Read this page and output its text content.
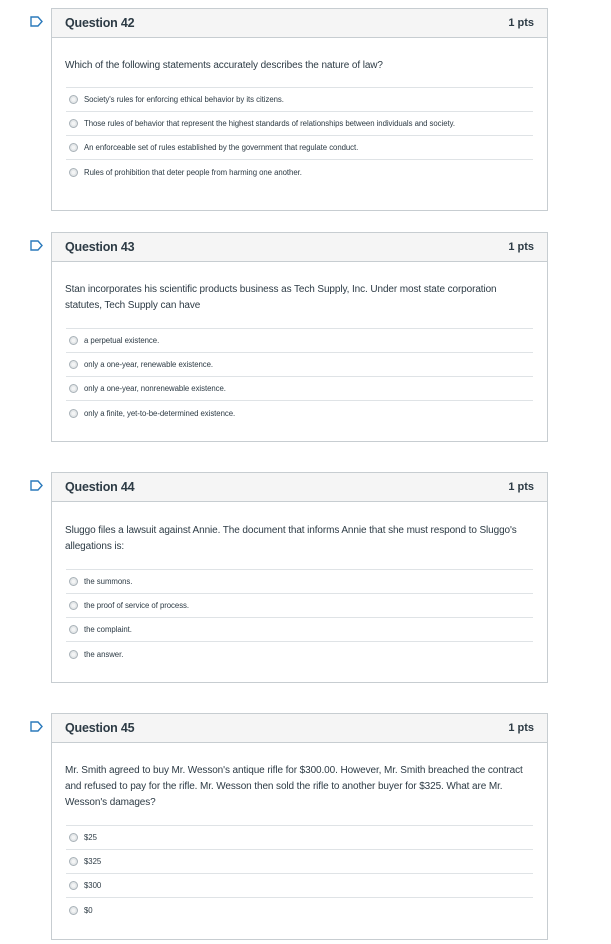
Question 42	1 pts
Which of the following statements accurately describes the nature of law?
Society's rules for enforcing ethical behavior by its citizens.
Those rules of behavior that represent the highest standards of relationships between individuals and society.
An enforceable set of rules established by the government that regulate conduct.
Rules of prohibition that deter people from harming one another.
Question 43	1 pts
Stan incorporates his scientific products business as Tech Supply, Inc. Under most state corporation statutes, Tech Supply can have
a perpetual existence.
only a one-year, renewable existence.
only a one-year, nonrenewable existence.
only a finite, yet-to-be-determined existence.
Question 44	1 pts
Sluggo files a lawsuit against Annie. The document that informs Annie that she must respond to Sluggo's allegations is:
the summons.
the proof of service of process.
the complaint.
the answer.
Question 45	1 pts
Mr. Smith agreed to buy Mr. Wesson's antique rifle for $300.00. However, Mr. Smith breached the contract and refused to pay for the rifle. Mr. Wesson then sold the rifle to another buyer for $325. What are Mr. Wesson's damages?
$25
$325
$300
$0
